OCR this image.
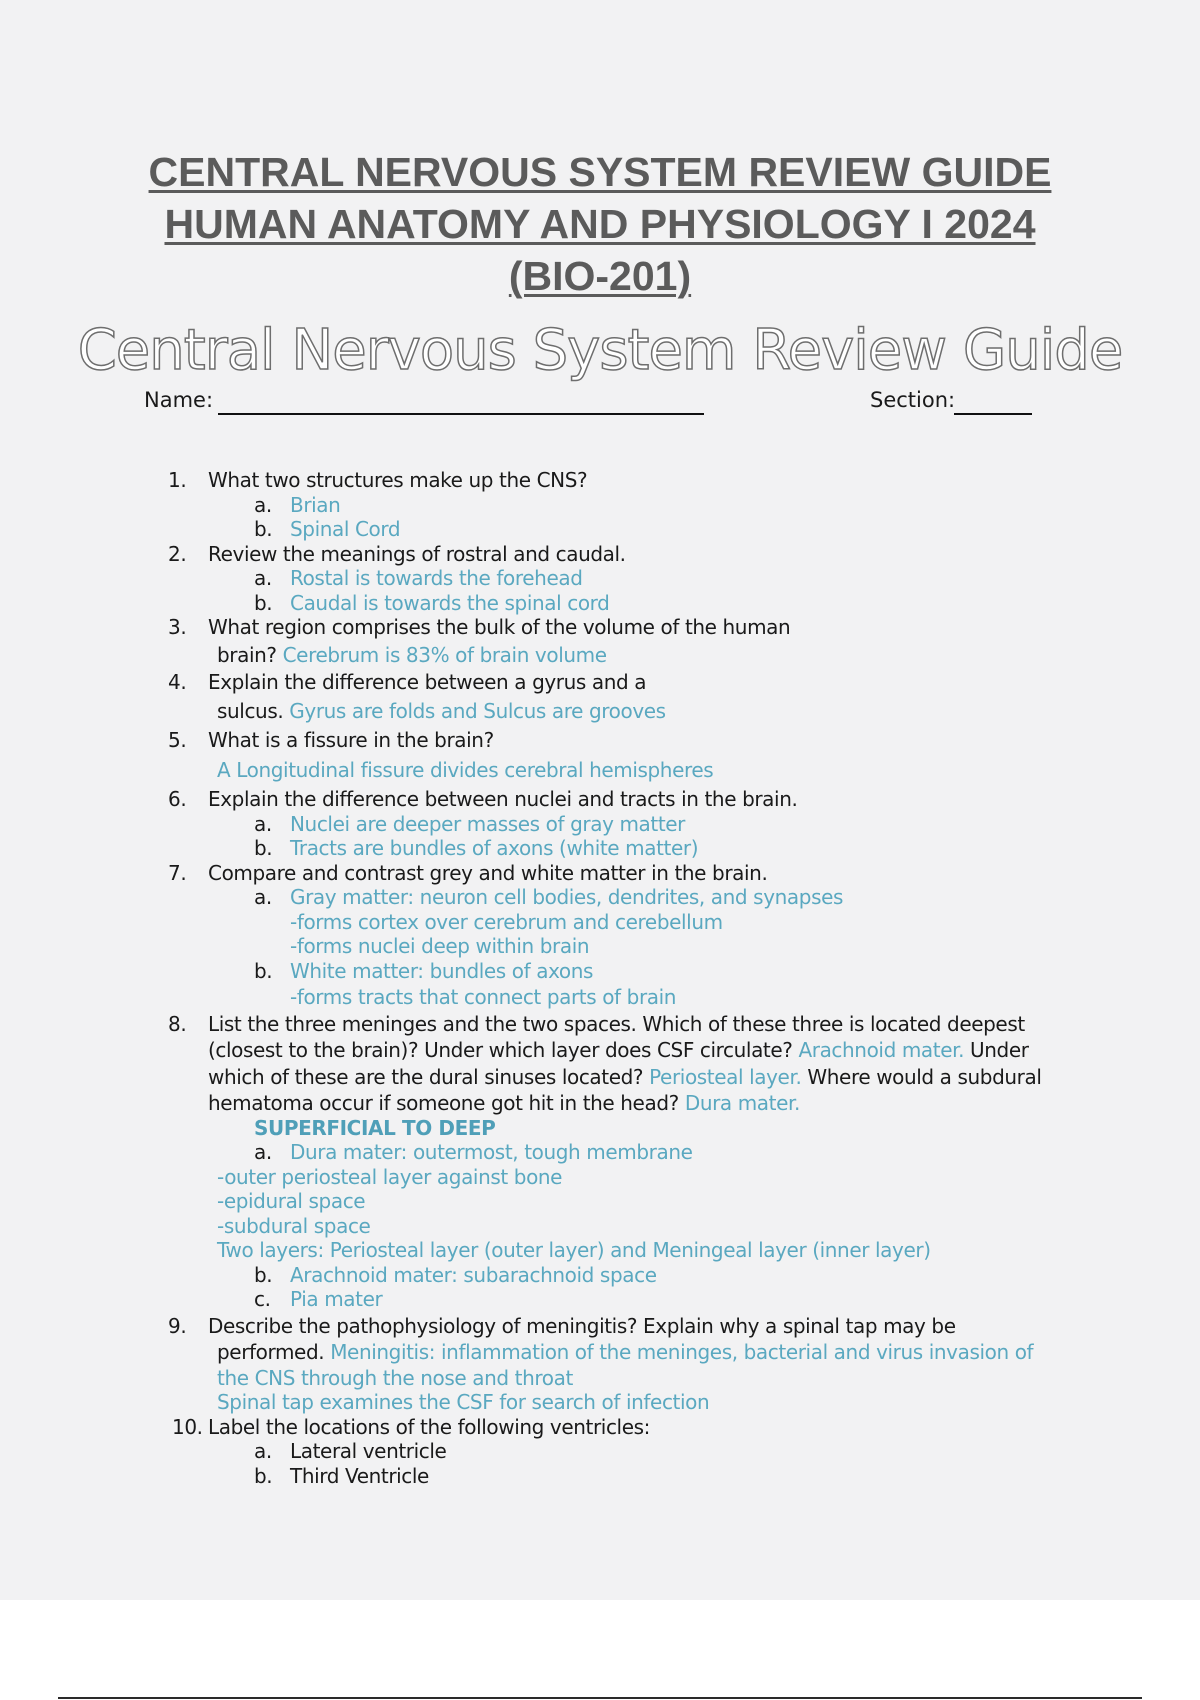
CENTRAL NERVOUS SYSTEM REVIEW GUIDE
HUMAN ANATOMY AND PHYSIOLOGY I 2024
(BIO-201)
Central Nervous System Review Guide
Name:	Section:
1. What two structures make up the CNS?
a. Brian
b. Spinal Cord
2. Review the meanings of rostral and caudal.
a. Rostal is towards the forehead
b. Caudal is towards the spinal cord
3. What region comprises the bulk of the volume of the human
brain? Cerebrum is 83% of brain volume
4. Explain the difference between a gyrus and a
sulcus. Gyrus are folds and Sulcus are grooves
5. What is a fissure in the brain?
A Longitudinal fissure divides cerebral hemispheres
6. Explain the difference between nuclei and tracts in the brain.
a. Nuclei are deeper masses of gray matter
b. Tracts are bundles of axons (white matter)
7. Compare and contrast grey and white matter in the brain.
a. Gray matter: neuron cell bodies, dendrites, and synapses
-forms cortex over cerebrum and cerebellum
-forms nuclei deep within brain
b. White matter: bundles of axons
-forms tracts that connect parts of brain
8. List the three meninges and the two spaces. Which of these three is located deepest
(closest to the brain)? Under which layer does CSF circulate? Arachnoid mater. Under
which of these are the dural sinuses located? Periosteal layer. Where would a subdural
hematoma occur if someone got hit in the head? Dura mater.
SUPERFICIAL TO DEEP
a. Dura mater: outermost, tough membrane
-outer periosteal layer against bone
-epidural space
-subdural space
Two layers: Periosteal layer (outer layer) and Meningeal layer (inner layer)
b. Arachnoid mater: subarachnoid space
c. Pia mater
9. Describe the pathophysiology of meningitis? Explain why a spinal tap may be
performed. Meningitis: inflammation of the meninges, bacterial and virus invasion of
the CNS through the nose and throat
Spinal tap examines the CSF for search of infection
10. Label the locations of the following ventricles:
a. Lateral ventricle
b. Third Ventricle
